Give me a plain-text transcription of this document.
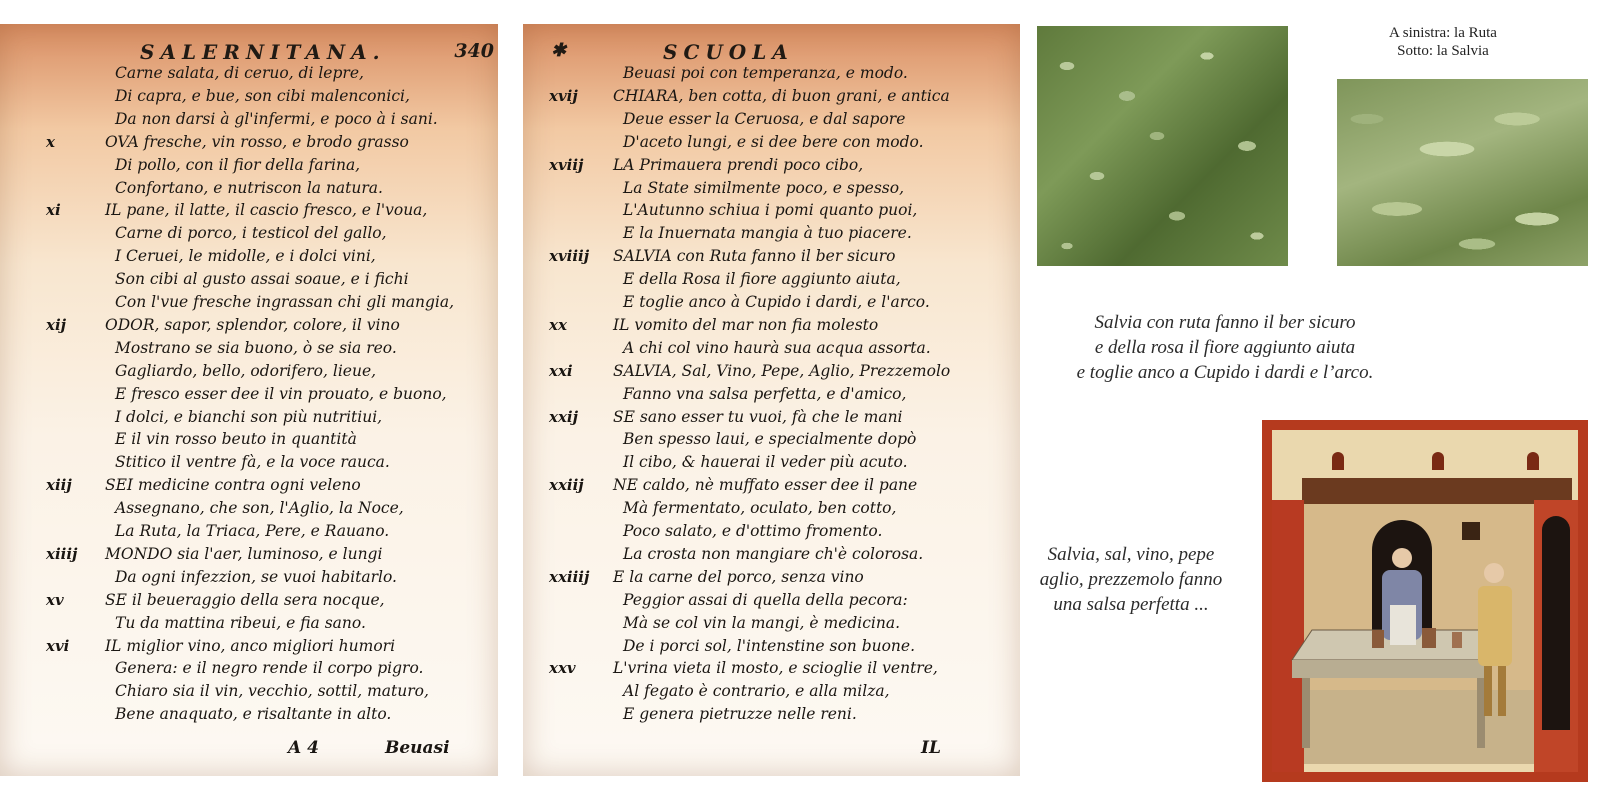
SALERNITANA.	340
Carne salata, di ceruo, di lepre,
Di capra, e bue, son cibi malenconici,
Da non darsi à gl'infermi, e poco à i sani.
x	OVA fresche, vin rosso, e brodo grasso
Di pollo, con il fior della farina,
Confortano, e nutriscon la natura.
xi	IL pane, il latte, il cascio fresco, e l'voua,
Carne di porco, i testicol del gallo,
I Ceruei, le midolle, e i dolci vini,
Son cibi al gusto assai soaue, e i fichi
Con l'vue fresche ingrassan chi gli mangia,
xij	ODOR, sapor, splendor, colore, il vino
Mostrano se sia buono, ò se sia reo.
Gagliardo, bello, odorifero, lieue,
E fresco esser dee il vin prouato, e buono,
I dolci, e bianchi son più nutritiui,
E il vin rosso beuto in quantità
Stitico il ventre fà, e la voce rauca.
xiij SEI medicine contra ogni veleno
Assegnano, che son, l'Aglio, la Noce,
La Ruta, la Triaca, Pere, e Rauano.
xiiij MONDO sia l'aer, luminoso, e lungi
Da ogni infezzion, se vuoi habitarlo.
xv	SE il beueraggio della sera nocque,
Tu da mattina ribeui, e fia sano.
xvi IL miglior vino, anco migliori humori
Genera: e il negro rende il corpo pigro.
Chiaro sia il vin, vecchio, sottil, maturo,
Bene anaquato, e risaltante in alto.
A 4	Beuasi
✱	SCUOLA
Beuasi poi con temperanza, e modo.
xvij CHIARA, ben cotta, di buon grani, e antica
Deue esser la Ceruosa, e dal sapore
D'aceto lungi, e si dee bere con modo.
xviij LA Primauera prendi poco cibo,
La State similmente poco, e spesso,
L'Autunno schiua i pomi quanto puoi,
E la Inuernata mangia à tuo piacere.
xviiij SALVIA con Ruta fanno il ber sicuro
E della Rosa il fiore aggiunto aiuta,
E toglie anco à Cupido i dardi, e l'arco.
xx	IL vomito del mar non fia molesto
A chi col vino haurà sua acqua assorta.
xxi	SALVIA, Sal, Vino, Pepe, Aglio, Prezzemolo
Fanno vna salsa perfetta, e d'amico,
xxij SE sano esser tu vuoi, fà che le mani
Ben spesso laui, e specialmente dopò
Il cibo, & hauerai il veder più acuto.
xxiij NE caldo, nè muffato esser dee il pane
Mà fermentato, oculato, ben cotto,
Poco salato, e d'ottimo fromento.
La crosta non mangiare ch'è colorosa.
xxiiij E la carne del porco, senza vino
Peggior assai di quella della pecora:
Mà se col vin la mangi, è medicina.
De i porci sol, l'intenstine son buone.
xxv L'vrina vieta il mosto, e scioglie il ventre,
Al fegato è contrario, e alla milza,
E genera pietruzze nelle reni.
IL
A sinistra: la Ruta
Sotto: la Salvia
Salvia con ruta fanno il ber sicuro
e della rosa il fiore aggiunto aiuta
e toglie anco a Cupido i dardi e l’arco.
Salvia, sal, vino, pepe
aglio, prezzemolo fanno
una salsa perfetta ...
